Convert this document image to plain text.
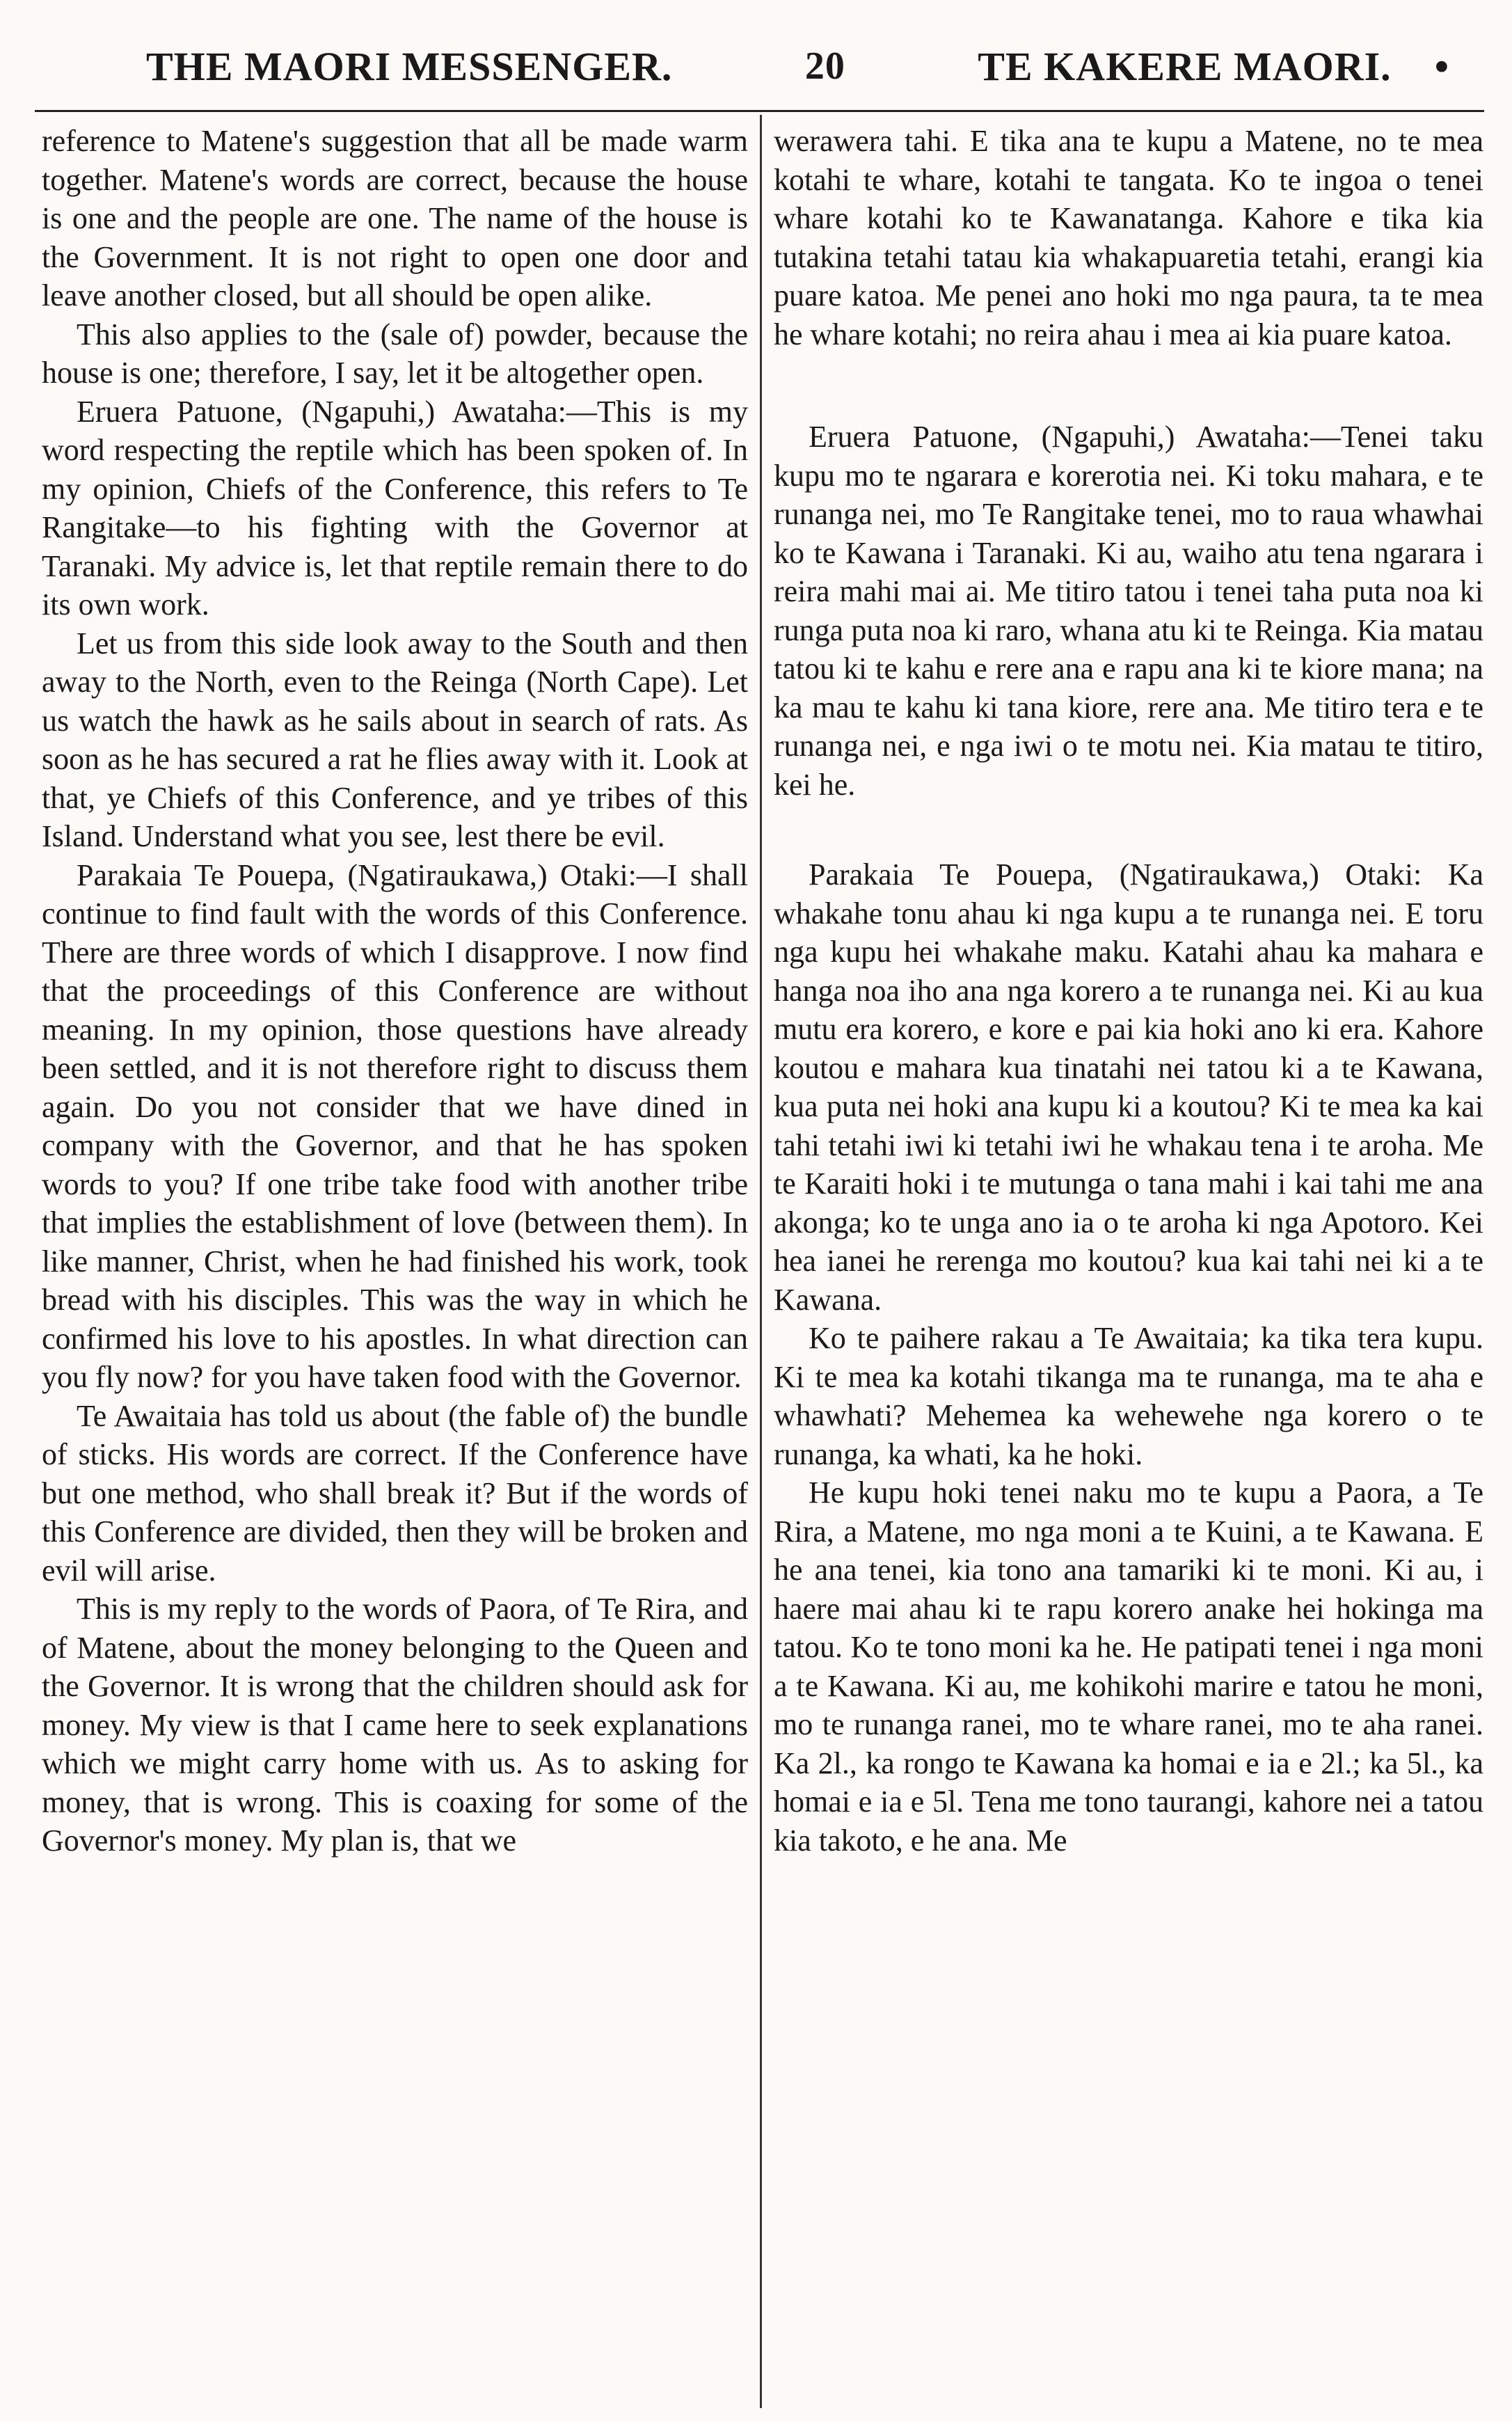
THE MAORI MESSENGER.	20	TE KAKERE MAORI. •

reference to Matene's suggestion that all be made warm together. Matene's words are correct, because the house is one and the people are one. The name of the house is the Government. It is not right to open one door and leave another closed, but all should be open alike.

This also applies to the (sale of) powder, because the house is one; therefore, I say, let it be altogether open.

Eruera Patuone, (Ngapuhi,) Awataha:—This is my word respecting the reptile which has been spoken of. In my opinion, Chiefs of the Conference, this refers to Te Rangitake—to his fighting with the Governor at Taranaki. My advice is, let that reptile remain there to do its own work.

Let us from this side look away to the South and then away to the North, even to the Reinga (North Cape). Let us watch the hawk as he sails about in search of rats. As soon as he has secured a rat he flies away with it. Look at that, ye Chiefs of this Conference, and ye tribes of this Island. Understand what you see, lest there be evil.

Parakaia Te Pouepa, (Ngatiraukawa,) Otaki:—I shall continue to find fault with the words of this Conference. There are three words of which I disapprove. I now find that the proceedings of this Conference are without meaning. In my opinion, those questions have already been settled, and it is not therefore right to discuss them again. Do you not consider that we have dined in company with the Governor, and that he has spoken words to you? If one tribe take food with another tribe that implies the establishment of love (between them). In like manner, Christ, when he had finished his work, took bread with his disciples. This was the way in which he confirmed his love to his apostles. In what direction can you fly now? for you have taken food with the Governor.

Te Awaitaia has told us about (the fable of) the bundle of sticks. His words are correct. If the Conference have but one method, who shall break it? But if the words of this Conference are divided, then they will be broken and evil will arise.

This is my reply to the words of Paora, of Te Rira, and of Matene, about the money belonging to the Queen and the Governor. It is wrong that the children should ask for money. My view is that I came here to seek explanations which we might carry home with us. As to asking for money, that is wrong. This is coaxing for some of the Governor's money. My plan is, that we

werawera tahi. E tika ana te kupu a Matene, no te mea kotahi te whare, kotahi te tangata. Ko te ingoa o tenei whare kotahi ko te Kawanatanga. Kahore e tika kia tutakina tetahi tatau kia whakapuaretia tetahi, erangi kia puare katoa. Me penei ano hoki mo nga paura, ta te mea he whare kotahi; no reira ahau i mea ai kia puare katoa.

Eruera Patuone, (Ngapuhi,) Awataha:—Tenei taku kupu mo te ngarara e korerotia nei. Ki toku mahara, e te runanga nei, mo Te Rangitake tenei, mo to raua whawhai ko te Kawana i Taranaki. Ki au, waiho atu tena ngarara i reira mahi mai ai. Me titiro tatou i tenei taha puta noa ki runga puta noa ki raro, whana atu ki te Reinga. Kia matau tatou ki te kahu e rere ana e rapu ana ki te kiore mana; na ka mau te kahu ki tana kiore, rere ana. Me titiro tera e te runanga nei, e nga iwi o te motu nei. Kia matau te titiro, kei he.

Parakaia Te Pouepa, (Ngatiraukawa,) Otaki: Ka whakahe tonu ahau ki nga kupu a te runanga nei. E toru nga kupu hei whakahe maku. Katahi ahau ka mahara e hanga noa iho ana nga korero a te runanga nei. Ki au kua mutu era korero, e kore e pai kia hoki ano ki era. Kahore koutou e mahara kua tinatahi nei tatou ki a te Kawana, kua puta nei hoki ana kupu ki a koutou? Ki te mea ka kai tahi tetahi iwi ki tetahi iwi he whakau tena i te aroha. Me te Karaiti hoki i te mutunga o tana mahi i kai tahi me ana akonga; ko te unga ano ia o te aroha ki nga Apotoro. Kei hea ianei he rerenga mo koutou? kua kai tahi nei ki a te Kawana.

Ko te paihere rakau a Te Awaitaia; ka tika tera kupu. Ki te mea ka kotahi tikanga ma te runanga, ma te aha e whawhati? Mehemea ka wehewehe nga korero o te runanga, ka whati, ka he hoki.

He kupu hoki tenei naku mo te kupu a Paora, a Te Rira, a Matene, mo nga moni a te Kuini, a te Kawana. E he ana tenei, kia tono ana tamariki ki te moni. Ki au, i haere mai ahau ki te rapu korero anake hei hokinga ma tatou. Ko te tono moni ka he. He patipati tenei i nga moni a te Kawana. Ki au, me kohikohi marire e tatou he moni, mo te runanga ranei, mo te whare ranei, mo te aha ranei. Ka 2l., ka rongo te Kawana ka homai e ia e 2l.; ka 5l., ka homai e ia e 5l. Tena me tono taurangi, kahore nei a tatou kia takoto, e he ana. Me
